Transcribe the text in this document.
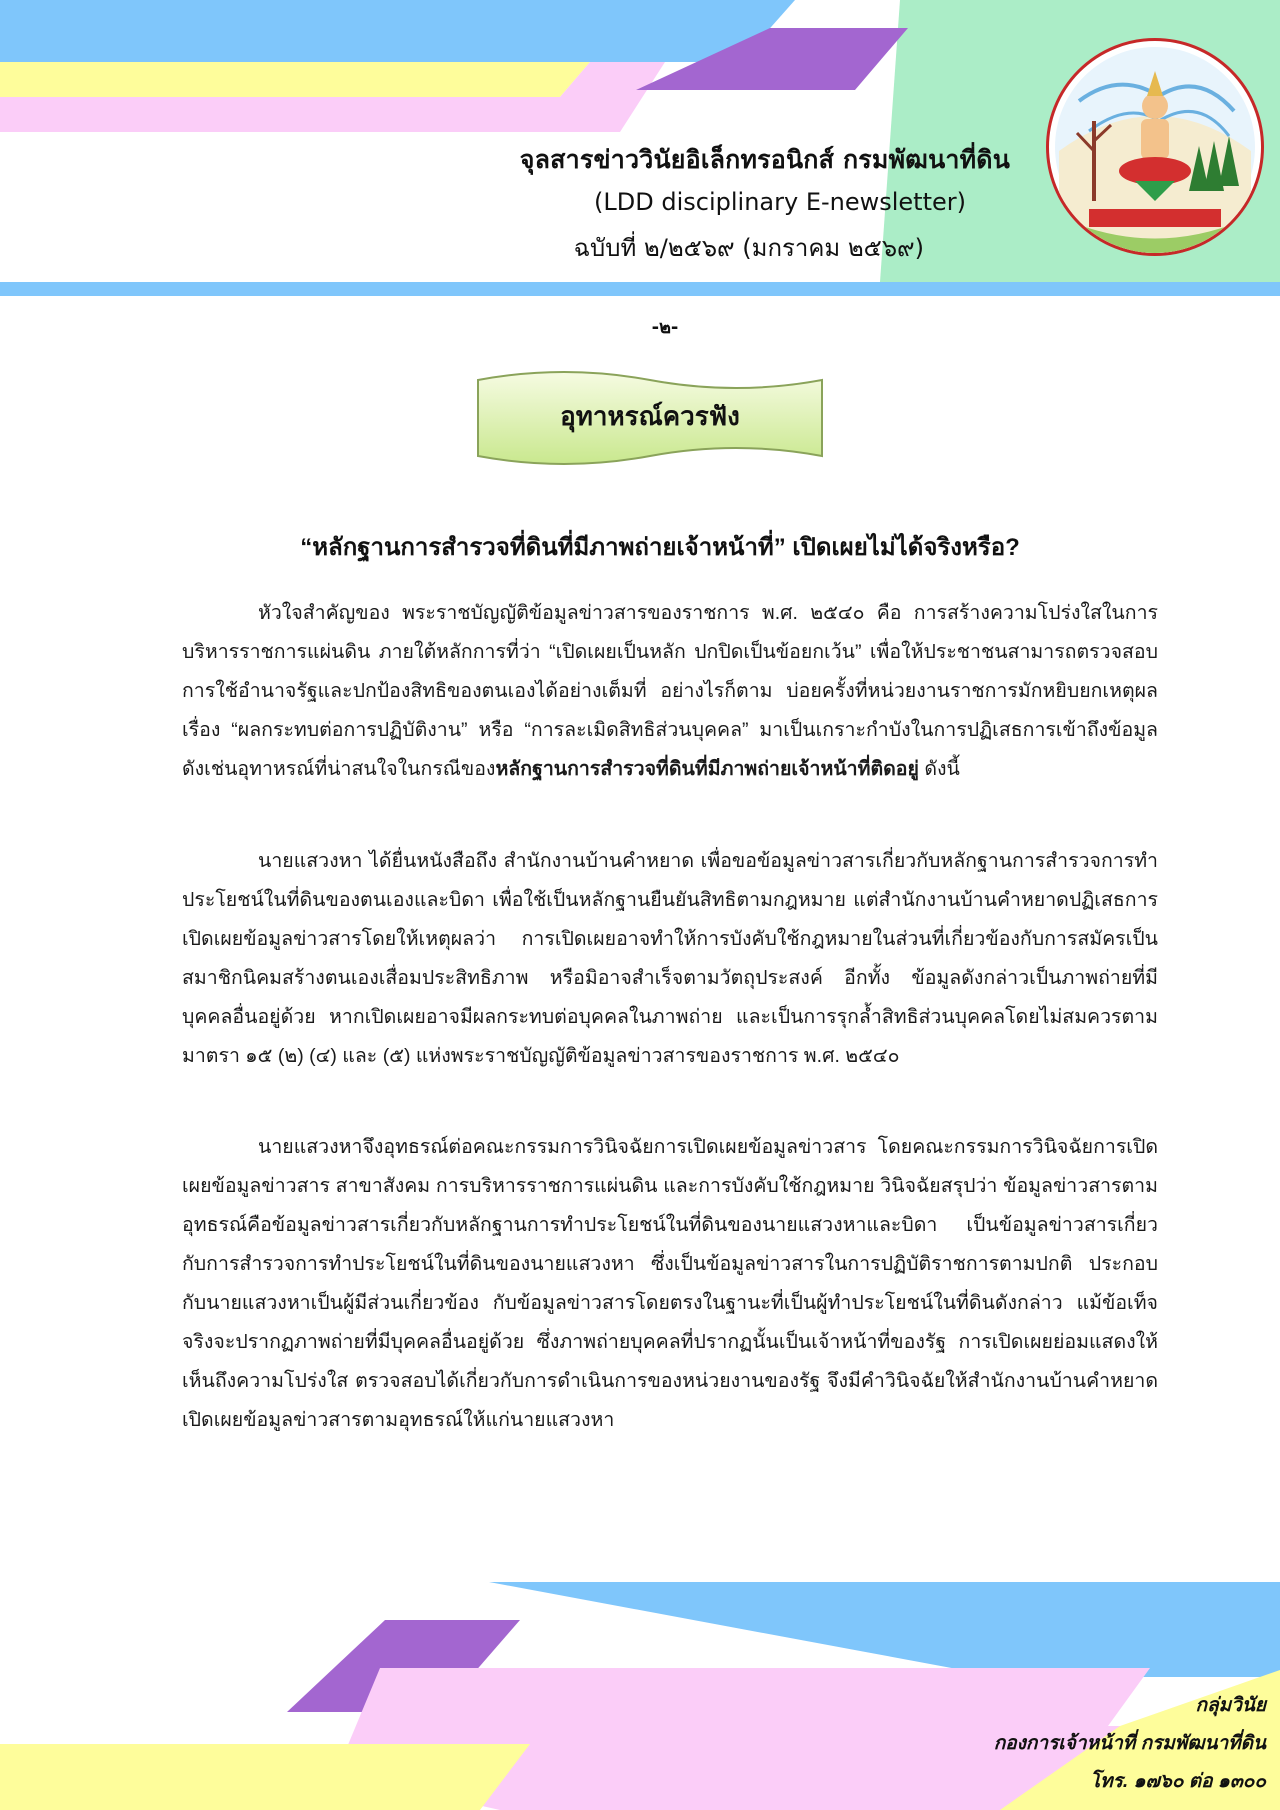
จุลสารข่าววินัยอิเล็กทรอนิกส์ กรมพัฒนาที่ดิน
(LDD disciplinary E-newsletter)
ฉบับที่ ๒/๒๕๖๙ (มกราคม ๒๕๖๙)
-๒-
อุทาหรณ์ควรฟัง
“หลักฐานการสำรวจที่ดินที่มีภาพถ่ายเจ้าหน้าที่” เปิดเผยไม่ได้จริงหรือ?

หัวใจสำคัญของ พระราชบัญญัติข้อมูลข่าวสารของราชการ พ.ศ. ๒๕๔๐ คือ การสร้างความโปร่งใสในการบริหารราชการแผ่นดิน ภายใต้หลักการที่ว่า “เปิดเผยเป็นหลัก ปกปิดเป็นข้อยกเว้น” เพื่อให้ประชาชนสามารถตรวจสอบการใช้อำนาจรัฐและปกป้องสิทธิของตนเองได้อย่างเต็มที่ อย่างไรก็ตาม บ่อยครั้งที่หน่วยงานราชการมักหยิบยกเหตุผลเรื่อง “ผลกระทบต่อการปฏิบัติงาน” หรือ “การละเมิดสิทธิส่วนบุคคล” มาเป็นเกราะกำบังในการปฏิเสธการเข้าถึงข้อมูล ดังเช่นอุทาหรณ์ที่น่าสนใจในกรณีของหลักฐานการสำรวจที่ดินที่มีภาพถ่ายเจ้าหน้าที่ติดอยู่ ดังนี้

นายแสวงหา ได้ยื่นหนังสือถึง สำนักงานบ้านคำหยาด เพื่อขอข้อมูลข่าวสารเกี่ยวกับหลักฐานการสำรวจการทำประโยชน์ในที่ดินของตนเองและบิดา เพื่อใช้เป็นหลักฐานยืนยันสิทธิตามกฎหมาย แต่สำนักงานบ้านคำหยาดปฏิเสธการเปิดเผยข้อมูลข่าวสารโดยให้เหตุผลว่า การเปิดเผยอาจทำให้การบังคับใช้กฎหมายในส่วนที่เกี่ยวข้องกับการสมัครเป็นสมาชิกนิคมสร้างตนเองเสื่อมประสิทธิภาพ หรือมิอาจสำเร็จตามวัตถุประสงค์ อีกทั้ง ข้อมูลดังกล่าวเป็นภาพถ่ายที่มีบุคคลอื่นอยู่ด้วย หากเปิดเผยอาจมีผลกระทบต่อบุคคลในภาพถ่าย และเป็นการรุกล้ำสิทธิส่วนบุคคลโดยไม่สมควรตามมาตรา ๑๕ (๒) (๔) และ (๕) แห่งพระราชบัญญัติข้อมูลข่าวสารของราชการ พ.ศ. ๒๕๔๐

นายแสวงหาจึงอุทธรณ์ต่อคณะกรรมการวินิจฉัยการเปิดเผยข้อมูลข่าวสาร โดยคณะกรรมการวินิจฉัยการเปิดเผยข้อมูลข่าวสาร สาขาสังคม การบริหารราชการแผ่นดิน และการบังคับใช้กฎหมาย วินิจฉัยสรุปว่า ข้อมูลข่าวสารตามอุทธรณ์คือข้อมูลข่าวสารเกี่ยวกับหลักฐานการทำประโยชน์ในที่ดินของนายแสวงหาและบิดา เป็นข้อมูลข่าวสารเกี่ยวกับการสำรวจการทำประโยชน์ในที่ดินของนายแสวงหา ซึ่งเป็นข้อมูลข่าวสารในการปฏิบัติราชการตามปกติ ประกอบกับนายแสวงหาเป็นผู้มีส่วนเกี่ยวข้อง กับข้อมูลข่าวสารโดยตรงในฐานะที่เป็นผู้ทำประโยชน์ในที่ดินดังกล่าว แม้ข้อเท็จจริงจะปรากฏภาพถ่ายที่มีบุคคลอื่นอยู่ด้วย ซึ่งภาพถ่ายบุคคลที่ปรากฏนั้นเป็นเจ้าหน้าที่ของรัฐ การเปิดเผยย่อมแสดงให้เห็นถึงความโปร่งใส ตรวจสอบได้เกี่ยวกับการดำเนินการของหน่วยงานของรัฐ จึงมีคำวินิจฉัยให้สำนักงานบ้านคำหยาดเปิดเผยข้อมูลข่าวสารตามอุทธรณ์ให้แก่นายแสวงหา

กลุ่มวินัย
กองการเจ้าหน้าที่ กรมพัฒนาที่ดิน
โทร. ๑๗๖๐ ต่อ ๑๓๐๐
